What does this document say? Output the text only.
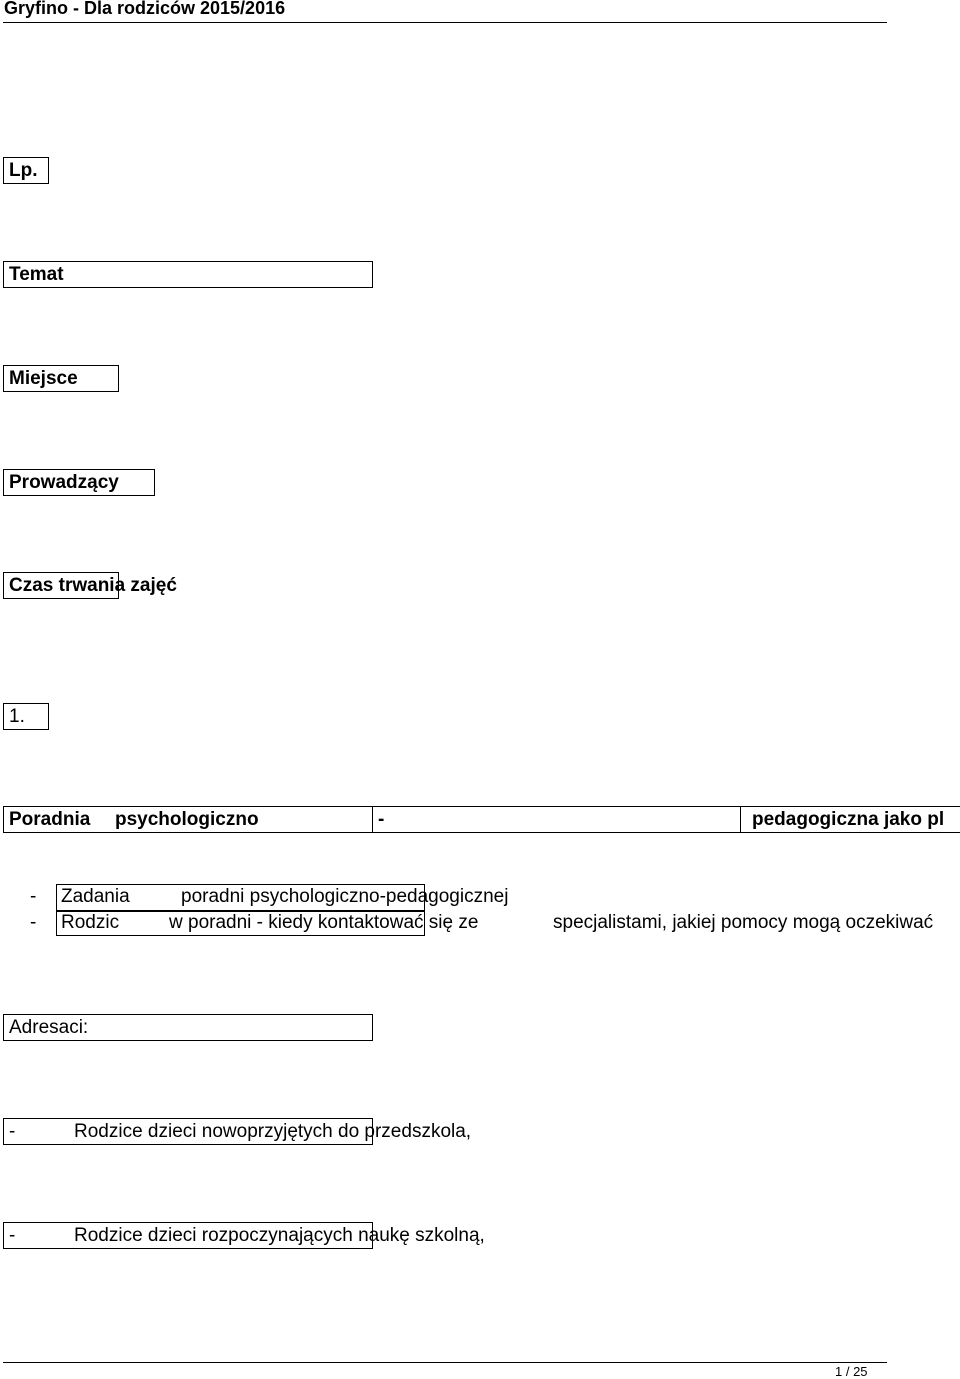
Gryfino - Dla rodziców 2015/2016
Lp.
Temat
Miejsce
Prowadzący
Czas trwania zajęć
1.
Poradnia psychologiczno	-	pedagogiczna jako pl
- Zadania	poradni psychologiczno-pedagogicznej
- Rodzic	w poradni - kiedy kontaktować się ze	specjalistami, jakiej pomocy mogą oczekiwać
Adresaci:
-	Rodzice dzieci nowoprzyjętych do przedszkola,
-	Rodzice dzieci rozpoczynających naukę szkolną,
1 / 25
